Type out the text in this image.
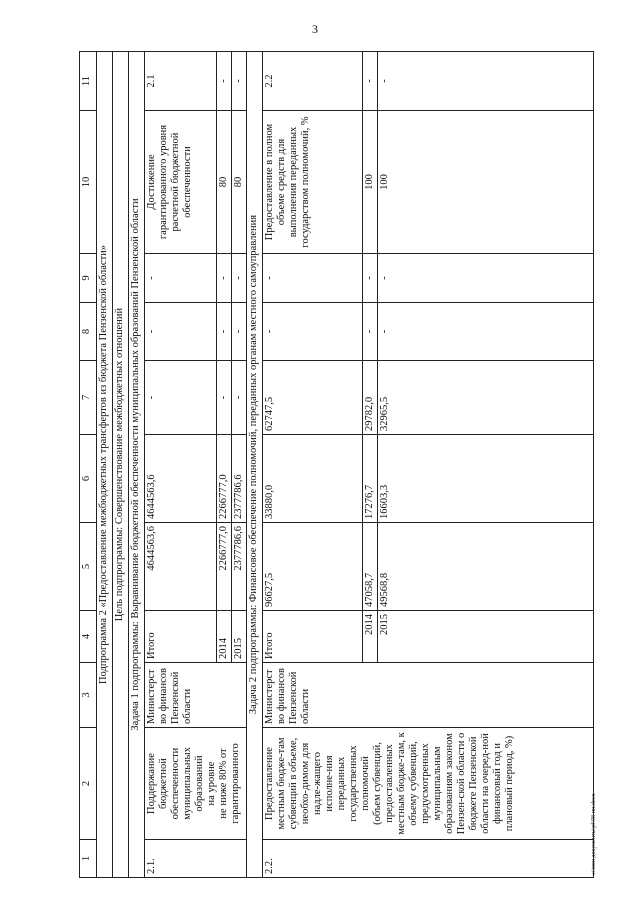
3
c:\мои документы\pf\98-пп.docx
1	2	3	4	5	6	7	8	9	10	11
Подпрограмма 2 «Предоставление межбюджетных трансфертов из бюджета Пензенской области»										
Цель подпрограммы: Совершенствование межбюджетных отношений										
Задача 1 подпрограммы: Выравнивание бюджетной обеспеченности муниципальных образований Пензенской области										
2.1.	Поддержание бюджетной обеспеченности муниципальных образований на уровне не ниже 80% от гарантированного	Министерство финансов Пензенской области	Итого	4644563,6	4644563,6	-	-	-	Достижение гарантированного уровня расчетной бюджетной обеспеченности	2.1
			2014	2266777,0	2266777,0	-	-	-	80	-
			2015	2377786,6	2377786,6	-	-	-	80	-
Задача 2 подпрограммы: Финансовое обеспечение полномочий, переданных органам местного самоуправления										
2.2.	Предоставление местным бюдже-там субвенций в объеме, необхо-димом для надле-жащего исполне-ния переданных государственных полномочий (объем субвенций, предоставленных местным бюдже-там, к объему субвенций, предусмотренных муниципальным образованиям законом Пензен-ской области о бюджете Пензенской области на очеред-ной финансовый год и плановый период, %)	Министерство финансов Пензенской области	Итого	96627,5	33880,0	62747,5	-	-	Предоставление в полном объеме средств для выполнения переданных государством полномочий, %	2.2
			2014	47058,7	17276,7	29782,0	-	-	100	-
			2015	49568,8	16603,3	32965,5	-	-	100	-
